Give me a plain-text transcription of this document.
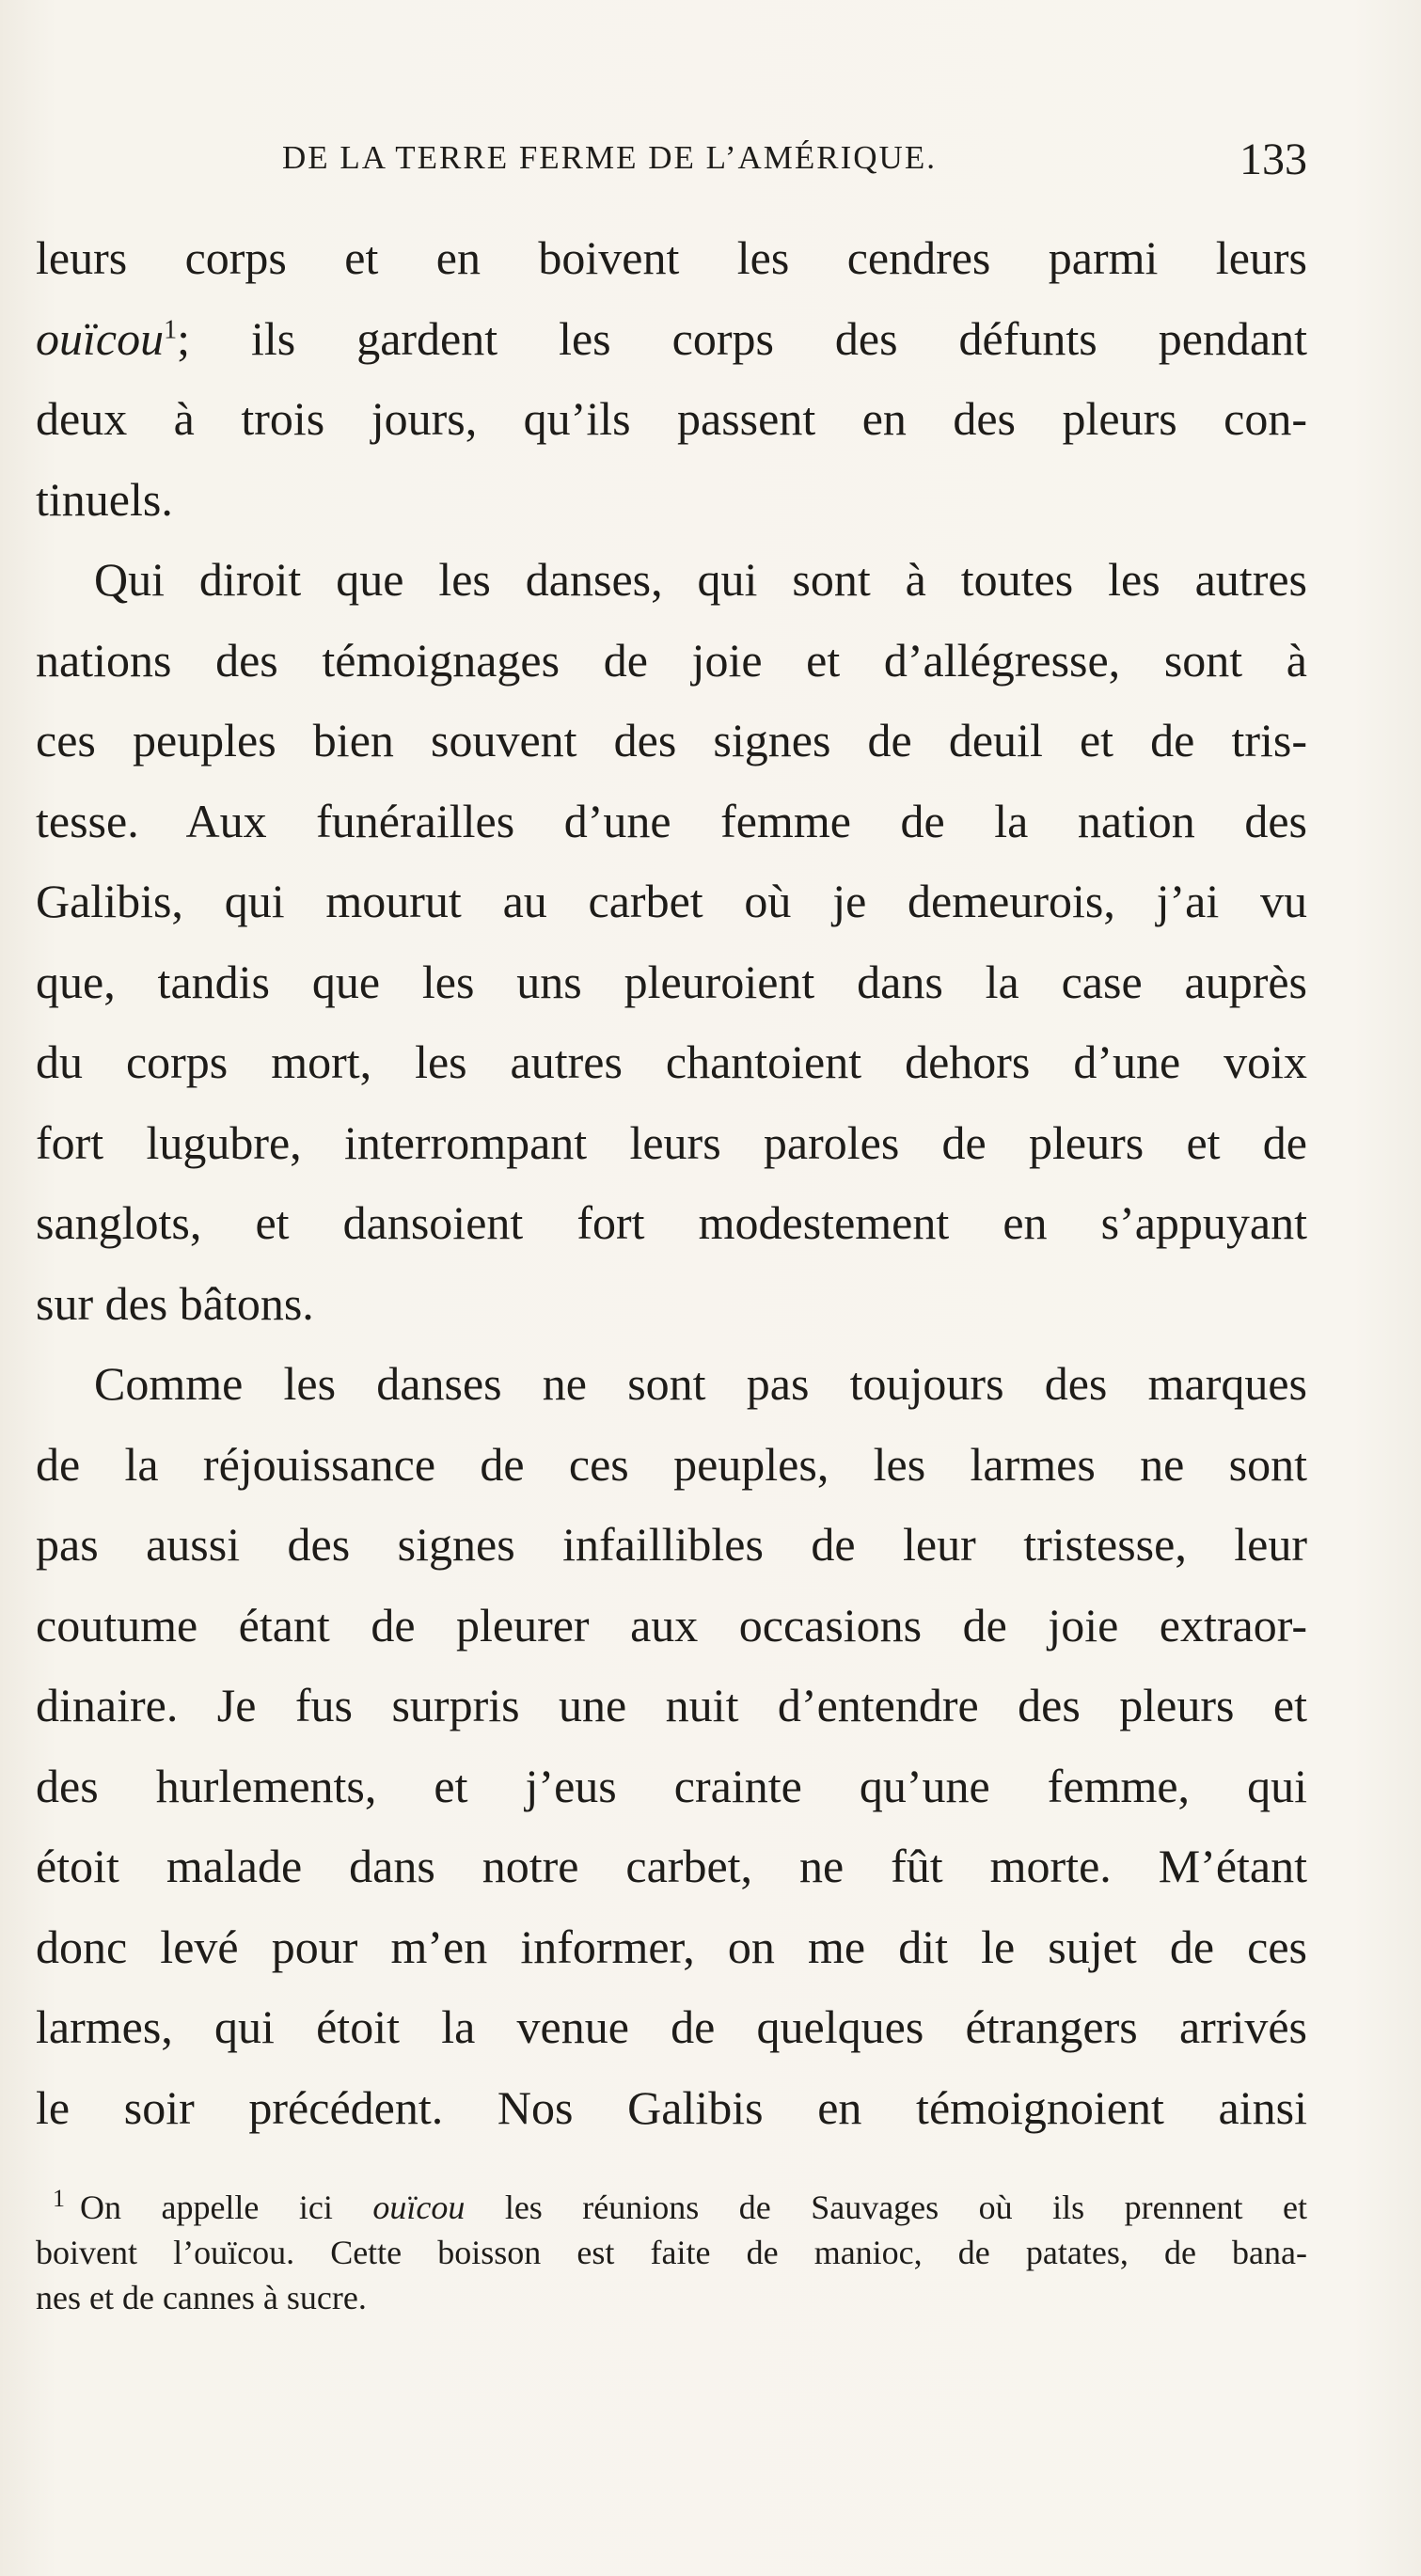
DE LA TERRE FERME DE L’AMÉRIQUE.	133

leurs corps et en boivent les cendres parmi leurs
ouïcou$^1$; ils gardent les corps des défunts pendant
deux à trois jours, qu’ils passent en des pleurs con-
tinuels.

Qui diroit que les danses, qui sont à toutes les autres
nations des témoignages de joie et d’allégresse, sont à
ces peuples bien souvent des signes de deuil et de tris-
tesse. Aux funérailles d’une femme de la nation des
Galibis, qui mourut au carbet où je demeurois, j’ai vu
que, tandis que les uns pleuroient dans la case auprès
du corps mort, les autres chantoient dehors d’une voix
fort lugubre, interrompant leurs paroles de pleurs et de
sanglots, et dansoient fort modestement en s’appuyant
sur des bâtons.

Comme les danses ne sont pas toujours des marques
de la réjouissance de ces peuples, les larmes ne sont
pas aussi des signes infaillibles de leur tristesse, leur
coutume étant de pleurer aux occasions de joie extraor-
dinaire. Je fus surpris une nuit d’entendre des pleurs et
des hurlements, et j’eus crainte qu’une femme, qui
étoit malade dans notre carbet, ne fût morte. M’étant
donc levé pour m’en informer, on me dit le sujet de ces
larmes, qui étoit la venue de quelques étrangers arrivés
le soir précédent. Nos Galibis en témoignoient ainsi

$^1$ On appelle ici ouïcou les réunions de Sauvages où ils prennent et
boivent l’ouïcou. Cette boisson est faite de manioc, de patates, de bana-
nes et de cannes à sucre.
